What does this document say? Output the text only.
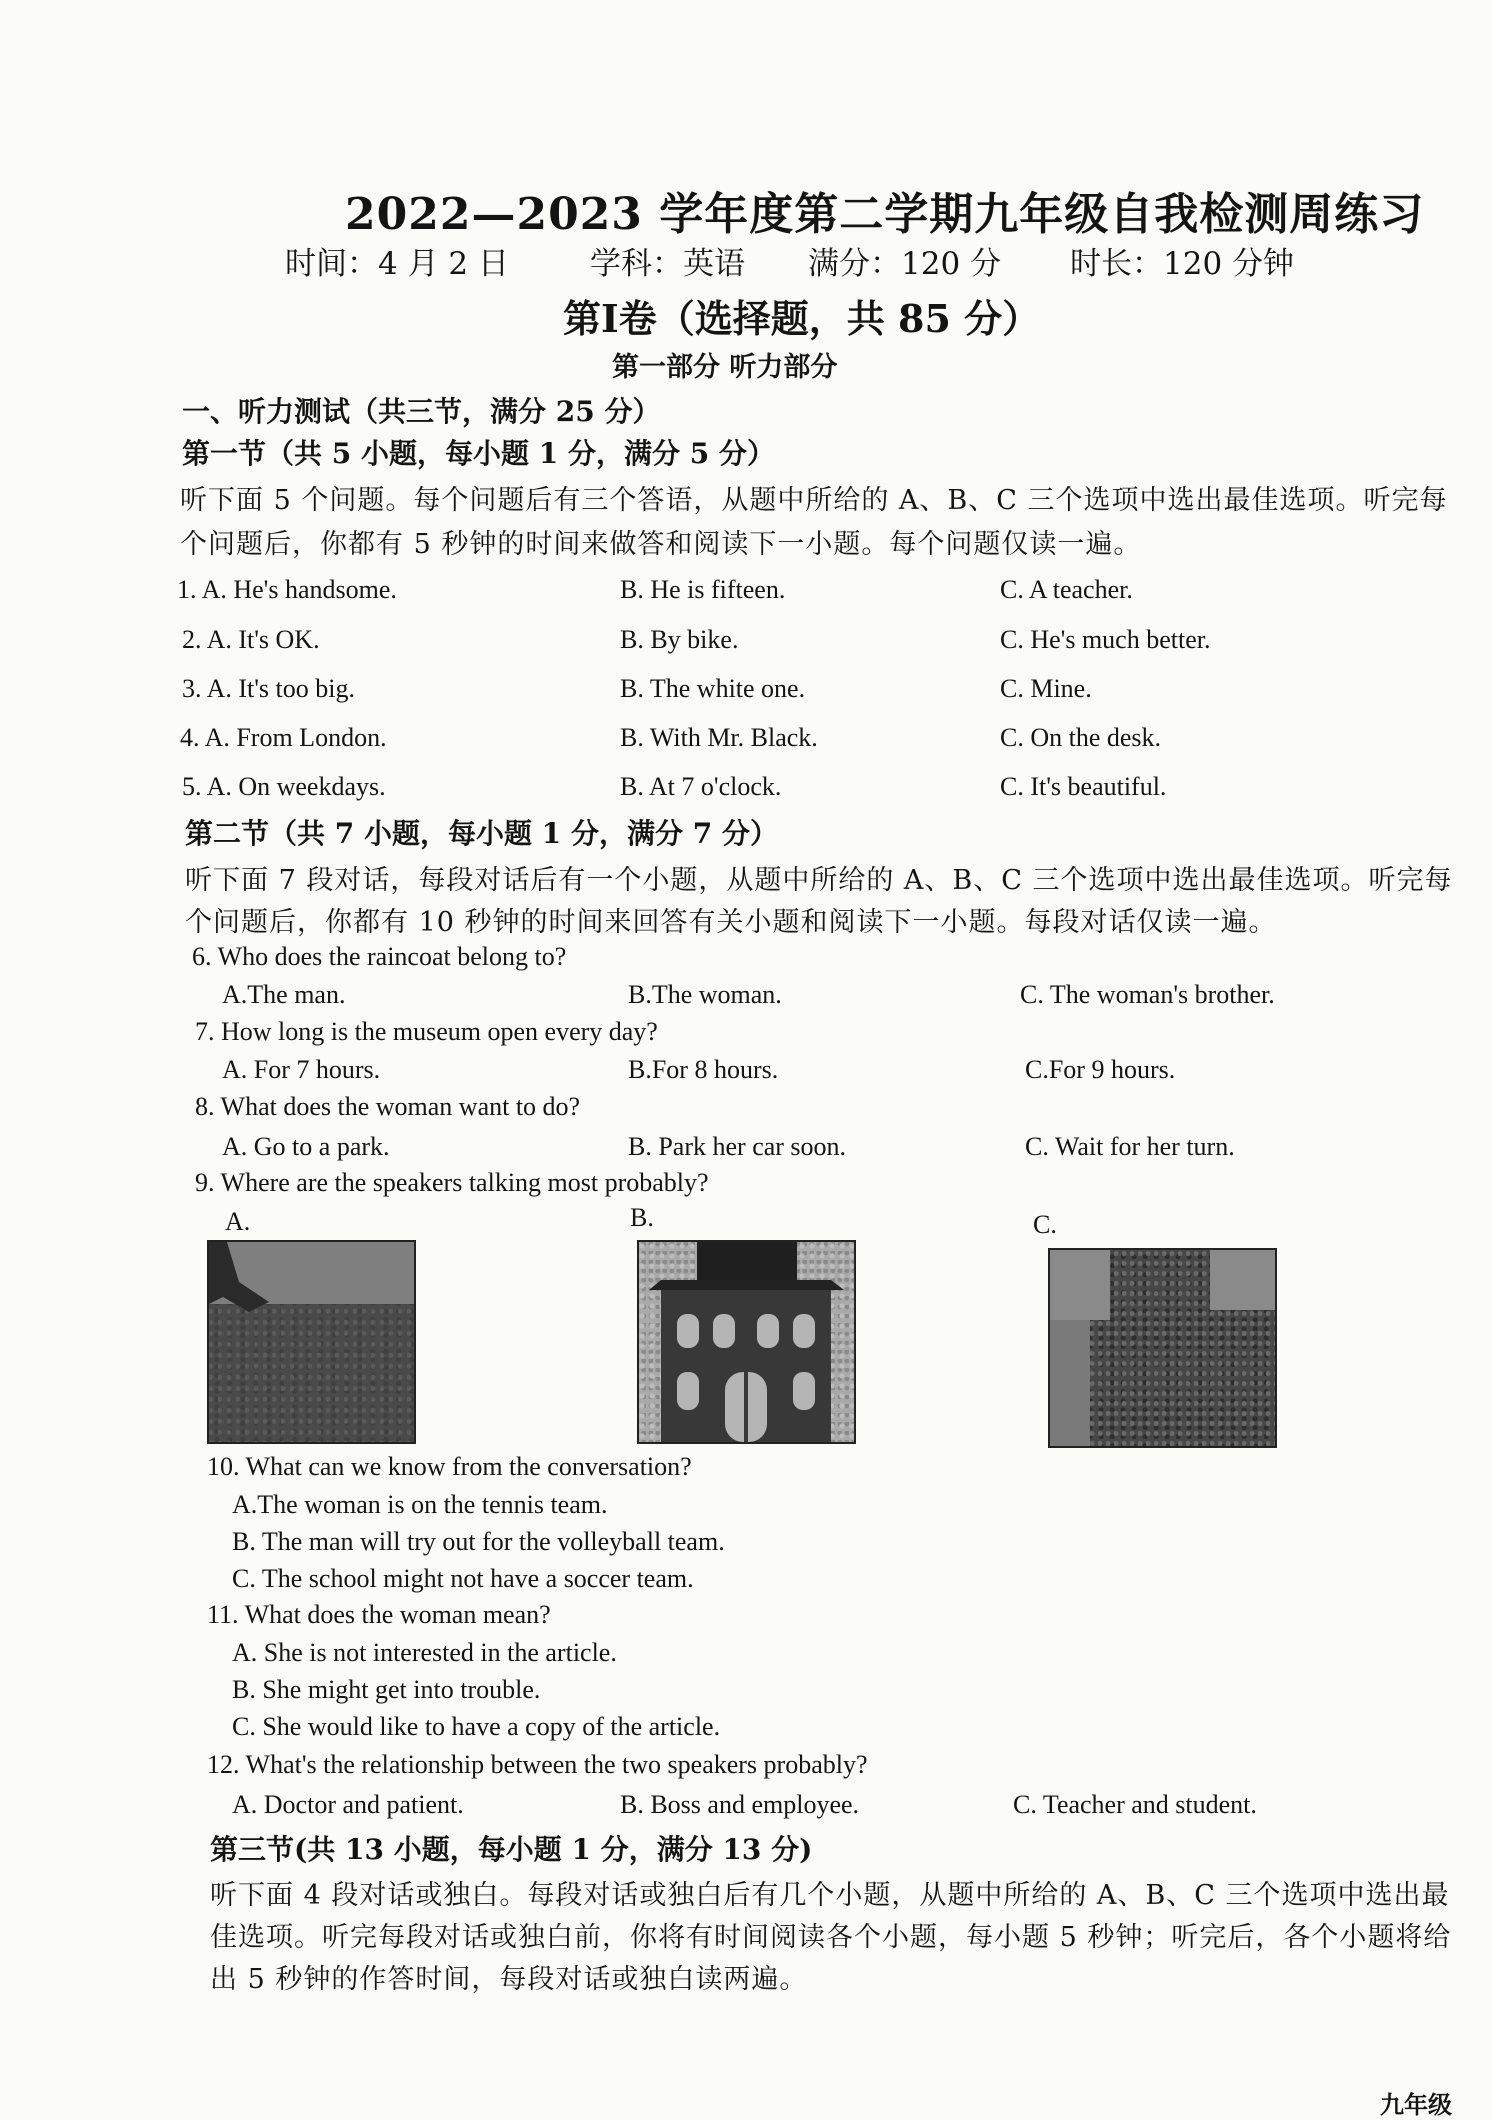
2022—2023 学年度第二学期九年级自我检测周练习
时间：4 月 2 日	学科：英语 满分：120 分 时长：120 分钟
第Ⅰ卷（选择题，共 85 分）
第一部分 听力部分
一、听力测试（共三节，满分 25 分）
第一节（共 5 小题，每小题 1 分，满分 5 分）
听下面 5 个问题。每个问题后有三个答语，从题中所给的 A、B、C 三个选项中选出最佳选项。听完每
个问题后，你都有 5 秒钟的时间来做答和阅读下一小题。每个问题仅读一遍。
1. A. He's handsome.	B. He is fifteen.	C. A teacher.
2. A. It's OK.	B. By bike.	C. He's much better.
3. A. It's too big.	B. The white one.	C. Mine.
4. A. From London.	B. With Mr. Black.	C. On the desk.
5. A. On weekdays.	B. At 7 o'clock.	C. It's beautiful.
第二节（共 7 小题，每小题 1 分，满分 7 分）
听下面 7 段对话，每段对话后有一个小题，从题中所给的 A、B、C 三个选项中选出最佳选项。听完每
个问题后，你都有 10 秒钟的时间来回答有关小题和阅读下一小题。每段对话仅读一遍。
6. Who does the raincoat belong to?
A.The man.	B.The woman.	C. The woman's brother.
7. How long is the museum open every day?
A. For 7 hours.	B.For 8 hours.	C.For 9 hours.
8. What does the woman want to do?
A. Go to a park.	B. Park her car soon.	C. Wait for her turn.
9. Where are the speakers talking most probably?
A.	B.	C.
10. What can we know from the conversation?
A.The woman is on the tennis team.
B. The man will try out for the volleyball team.
C. The school might not have a soccer team.
11. What does the woman mean?
A. She is not interested in the article.
B. She might get into trouble.
C. She would like to have a copy of the article.
12. What's the relationship between the two speakers probably?
A. Doctor and patient.	B. Boss and employee.	C. Teacher and student.
第三节(共 13 小题，每小题 1 分，满分 13 分)
听下面 4 段对话或独白。每段对话或独白后有几个小题，从题中所给的 A、B、C 三个选项中选出最
佳选项。听完每段对话或独白前，你将有时间阅读各个小题，每小题 5 秒钟；听完后，各个小题将给
出 5 秒钟的作答时间，每段对话或独白读两遍。
九年级
